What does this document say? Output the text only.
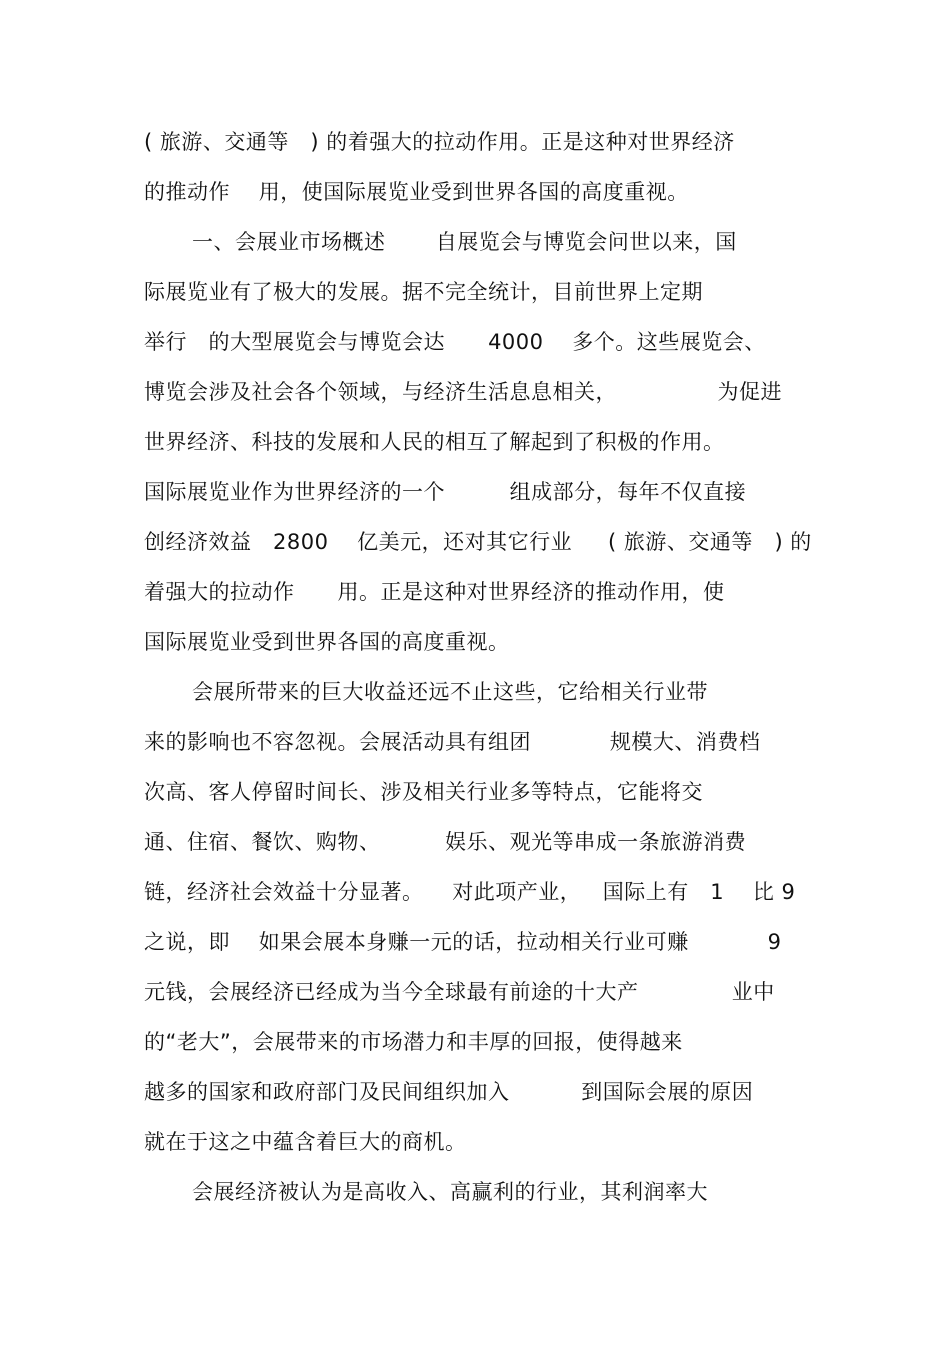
( 旅游、交通等   ) 的着强大的拉动作用。正是这种对世界经济
的推动作    用，使国际展览业受到世界各国的高度重视。
一、会展业市场概述       自展览会与博览会问世以来，国
际展览业有了极大的发展。据不完全统计，目前世界上定期
举行   的大型展览会与博览会达      4000    多个。这些展览会、
博览会涉及社会各个领域，与经济生活息息相关，              为促进
世界经济、科技的发展和人民的相互了解起到了积极的作用。
国际展览业作为世界经济的一个         组成部分，每年不仅直接
创经济效益   2800    亿美元，还对其它行业     ( 旅游、交通等   ) 的
着强大的拉动作      用。正是这种对世界经济的推动作用，使
国际展览业受到世界各国的高度重视。
会展所带来的巨大收益还远不止这些，它给相关行业带
来的影响也不容忽视。会展活动具有组团           规模大、消费档
次高、客人停留时间长、涉及相关行业多等特点，它能将交
通、住宿、餐饮、购物、         娱乐、观光等串成一条旅游消费
链，经济社会效益十分显著。    对此项产业，   国际上有   1    比 9
之说，即    如果会展本身赚一元的话，拉动相关行业可赚           9
元钱，会展经济已经成为当今全球最有前途的十大产             业中
的“老大”，会展带来的市场潜力和丰厚的回报，使得越来
越多的国家和政府部门及民间组织加入          到国际会展的原因
就在于这之中蕴含着巨大的商机。
会展经济被认为是高收入、高赢利的行业，其利润率大
